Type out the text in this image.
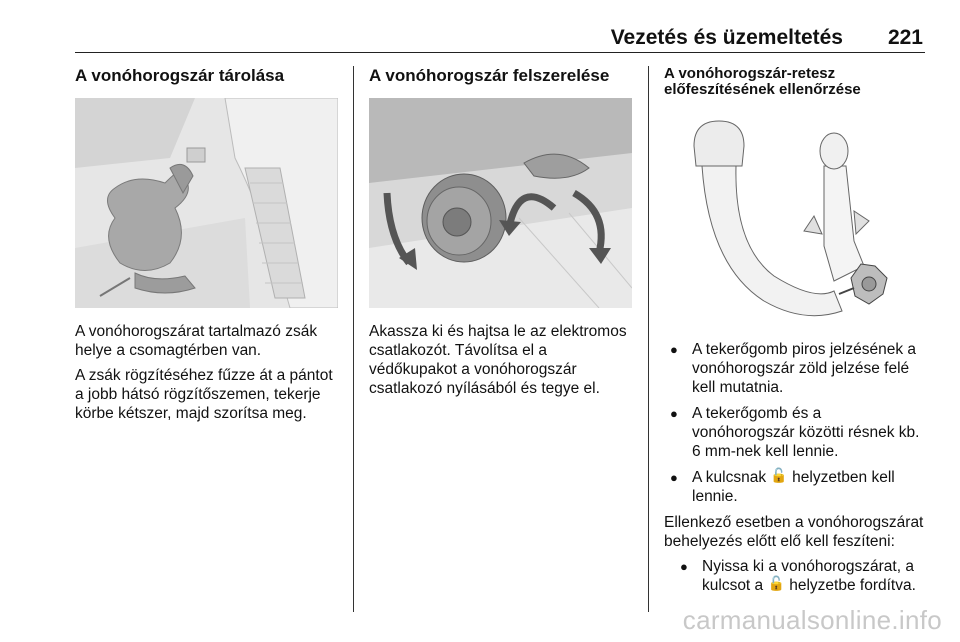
Vezetés és üzemeltetés 221
A vonóhorogszár tárolása

A vonóhorogszárat tartalmazó zsák helye a csomagtérben van.

A zsák rögzítéséhez fűzze át a pántot a jobb hátsó rögzítőszemen, tekerje körbe kétszer, majd szorítsa meg.

A vonóhorogszár felszerelése

Akassza ki és hajtsa le az elektromos csatlakozót. Távolítsa el a védőkupakot a vonóhorogszár csatlakozó nyílásából és tegye el.

A vonóhorogszár-retesz
előfeszítésének ellenőrzése
● A tekerőgomb piros jelzésének a vonóhorogszár zöld jelzése felé kell mutatnia.
● A tekerőgomb és a vonóhorogszár közötti résnek kb. 6 mm-nek kell lennie.
● A kulcsnak 🔓 helyzetben kell lennie.

Ellenkező esetben a vonóhorogszárat behelyezés előtt elő kell feszíteni:

● Nyissa ki a vonóhorogszárat, a kulcsot a 🔓 helyzetbe fordítva.
carmanualsonline.info
